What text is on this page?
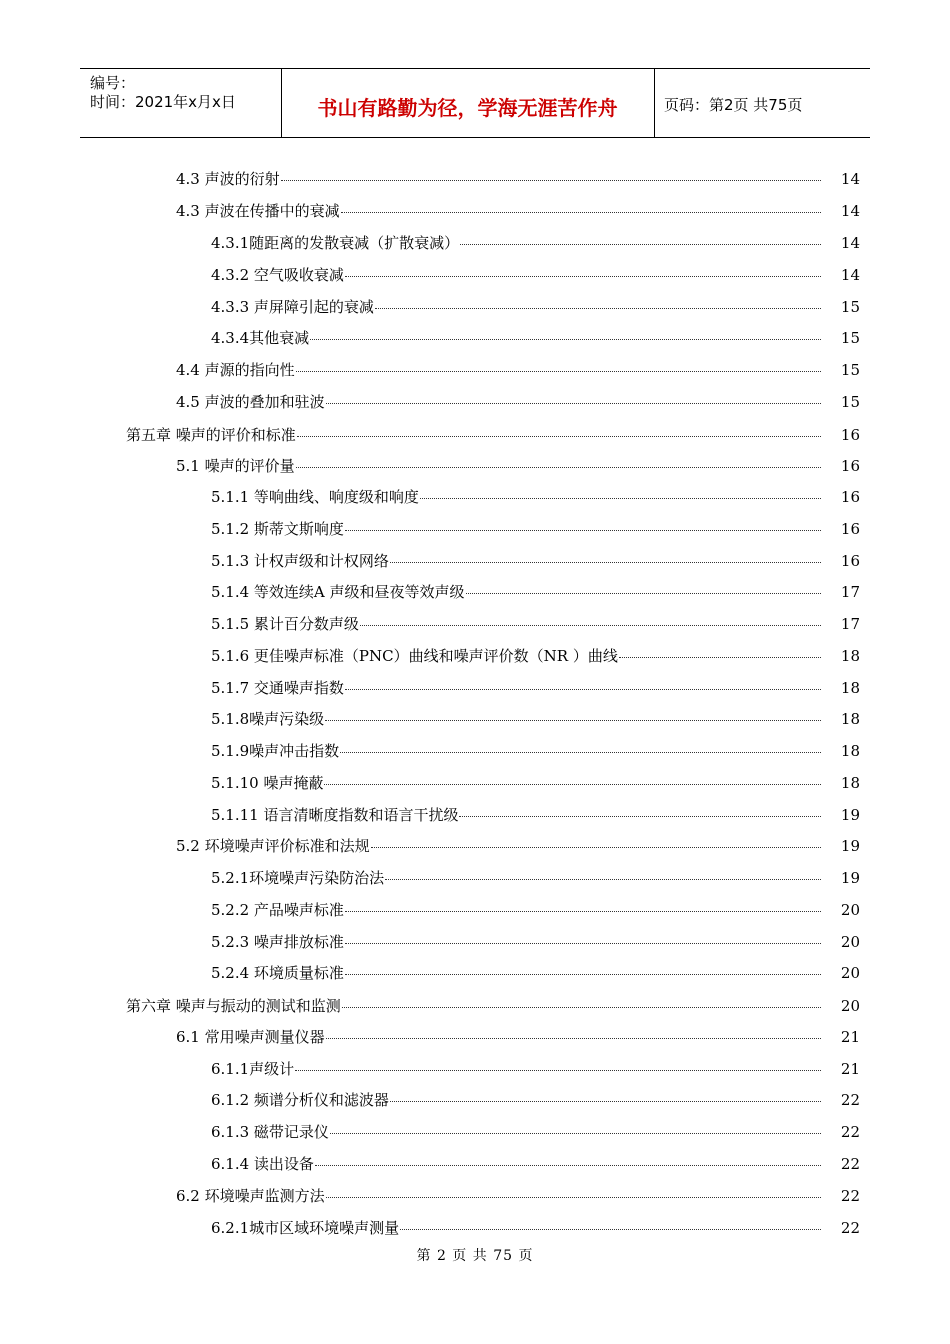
编号：
时间：2021年x月x日	书山有路勤为径，学海无涯苦作舟	页码：第2页 共75页
4.3 声波的衍射	14
4.3 声波在传播中的衰减	14
4.3.1随距离的发散衰减（扩散衰减）	14
4.3.2 空气吸收衰减	14
4.3.3 声屏障引起的衰减	15
4.3.4其他衰减	15
4.4 声源的指向性	15
4.5 声波的叠加和驻波	15
第五章 噪声的评价和标准	16
5.1 噪声的评价量	16
5.1.1 等响曲线、响度级和响度	16
5.1.2 斯蒂文斯响度	16
5.1.3 计权声级和计权网络	16
5.1.4 等效连续A 声级和昼夜等效声级	17
5.1.5 累计百分数声级	17
5.1.6 更佳噪声标准（PNC）曲线和噪声评价数（NR ）曲线	18
5.1.7 交通噪声指数	18
5.1.8噪声污染级	18
5.1.9噪声冲击指数	18
5.1.10 噪声掩蔽	18
5.1.11 语言清晰度指数和语言干扰级	19
5.2 环境噪声评价标准和法规	19
5.2.1环境噪声污染防治法	19
5.2.2 产品噪声标准	20
5.2.3 噪声排放标准	20
5.2.4 环境质量标准	20
第六章 噪声与振动的测试和监测	20
6.1 常用噪声测量仪器	21
6.1.1声级计	21
6.1.2 频谱分析仪和滤波器	22
6.1.3 磁带记录仪	22
6.1.4 读出设备	22
6.2 环境噪声监测方法	22
6.2.1城市区域环境噪声测量	22
第 2 页 共 75 页
